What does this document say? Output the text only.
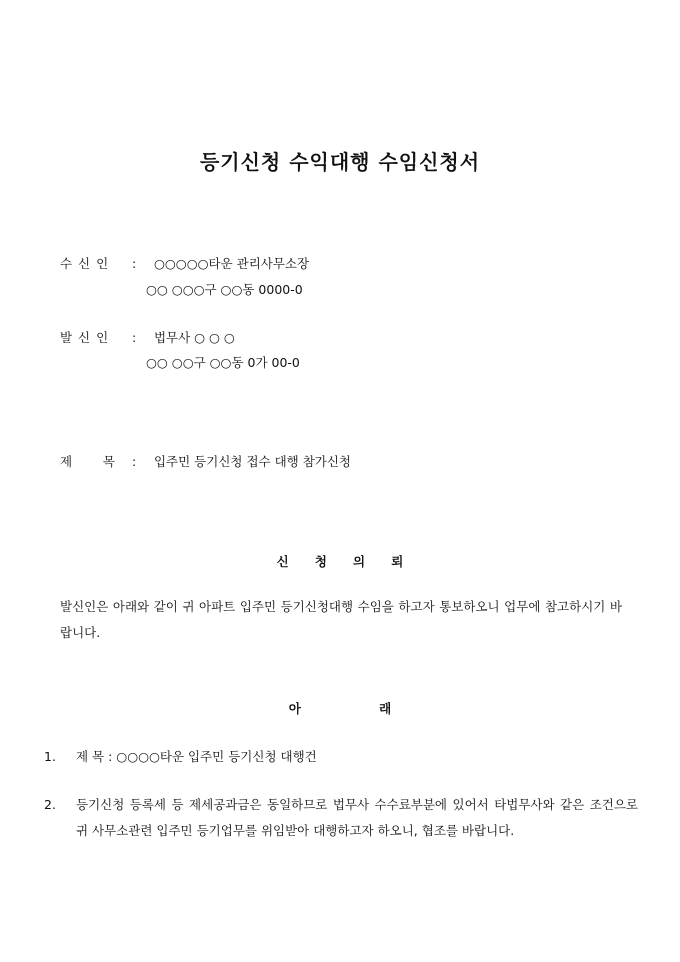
등기신청 수익대행 수임신청서
수 신 인 : ○○○○○타운 관리사무소장
○○ ○○○구 ○○동 0000-0
발 신 인 : 법무사 ○ ○ ○
○○ ○○구 ○○동 0가 00-0
제      목 : 입주민 등기신청 접수 대행 참가신청
신      청      의      뢰
발신인은 아래와 같이 귀 아파트 입주민 등기신청대행 수임을 하고자 통보하오니 업무에 참고하시기 바랍니다.
아                  래
1. 제 목 : ○○○○타운 입주민 등기신청 대행건
2. 등기신청 등록세 등 제세공과금은 동일하므로 법무사 수수료부분에 있어서 타법무사와 같은 조건으로 귀 사무소관련 입주민 등기업무를 위임받아 대행하고자 하오니, 협조를 바랍니다.
